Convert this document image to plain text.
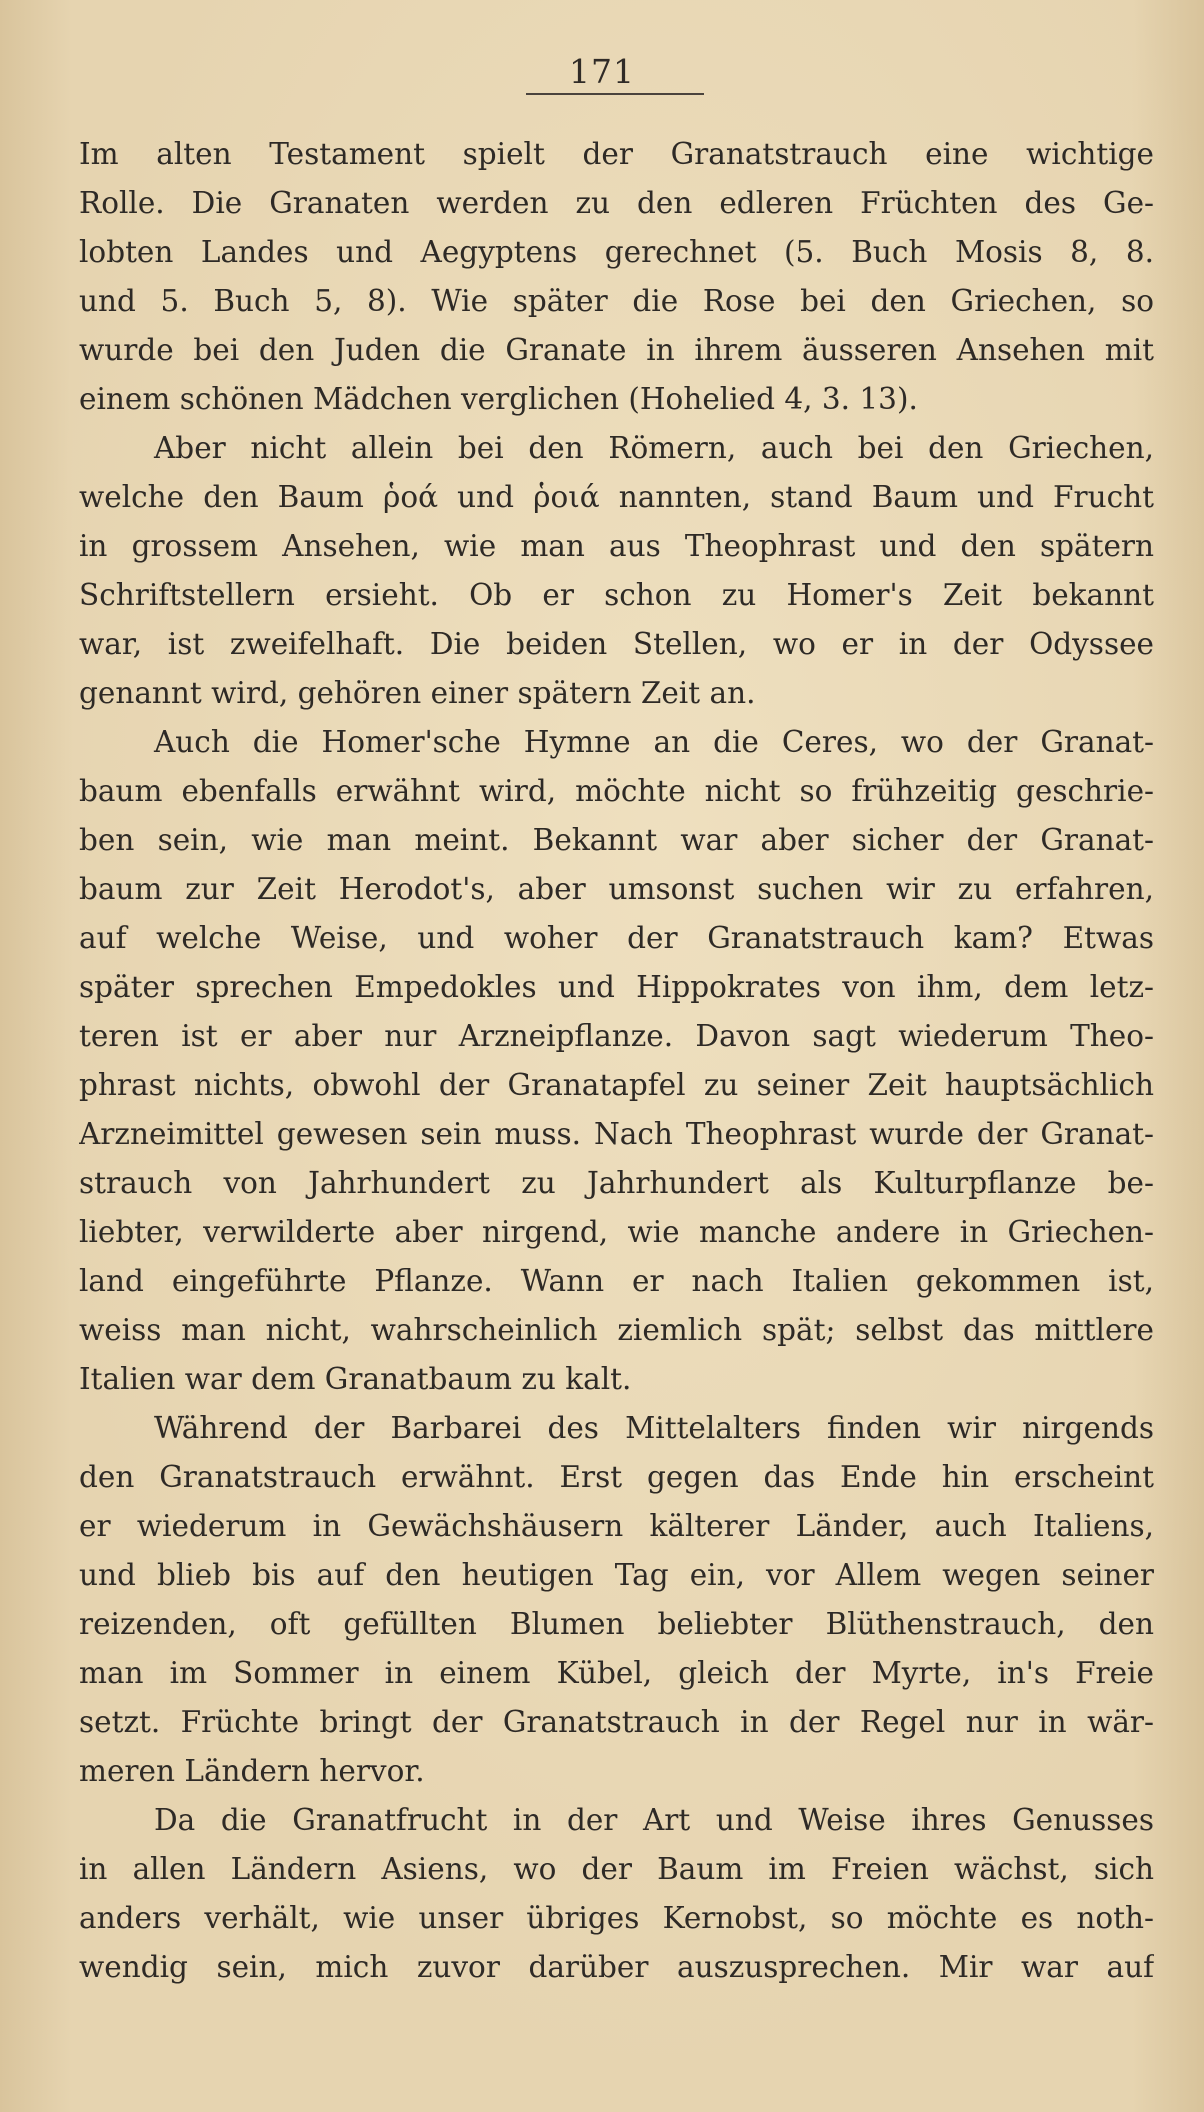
171
Im alten Testament spielt der Granatstrauch eine wichtige
Rolle. Die Granaten werden zu den edleren Früchten des Ge-
lobten Landes und Aegyptens gerechnet (5. Buch Mosis 8, 8.
und 5. Buch 5, 8). Wie später die Rose bei den Griechen, so
wurde bei den Juden die Granate in ihrem äusseren Ansehen mit
einem schönen Mädchen verglichen (Hohelied 4, 3. 13).
Aber nicht allein bei den Römern, auch bei den Griechen,
welche den Baum ῥοά und ῥοιά nannten, stand Baum und Frucht
in grossem Ansehen, wie man aus Theophrast und den spätern
Schriftstellern ersieht. Ob er schon zu Homer's Zeit bekannt
war, ist zweifelhaft. Die beiden Stellen, wo er in der Odyssee
genannt wird, gehören einer spätern Zeit an.
Auch die Homer'sche Hymne an die Ceres, wo der Granat-
baum ebenfalls erwähnt wird, möchte nicht so frühzeitig geschrie-
ben sein, wie man meint. Bekannt war aber sicher der Granat-
baum zur Zeit Herodot's, aber umsonst suchen wir zu erfahren,
auf welche Weise, und woher der Granatstrauch kam? Etwas
später sprechen Empedokles und Hippokrates von ihm, dem letz-
teren ist er aber nur Arzneipflanze. Davon sagt wiederum Theo-
phrast nichts, obwohl der Granatapfel zu seiner Zeit hauptsächlich
Arzneimittel gewesen sein muss. Nach Theophrast wurde der Granat-
strauch von Jahrhundert zu Jahrhundert als Kulturpflanze be-
liebter, verwilderte aber nirgend, wie manche andere in Griechen-
land eingeführte Pflanze. Wann er nach Italien gekommen ist,
weiss man nicht, wahrscheinlich ziemlich spät; selbst das mittlere
Italien war dem Granatbaum zu kalt.
Während der Barbarei des Mittelalters finden wir nirgends
den Granatstrauch erwähnt. Erst gegen das Ende hin erscheint
er wiederum in Gewächshäusern kälterer Länder, auch Italiens,
und blieb bis auf den heutigen Tag ein, vor Allem wegen seiner
reizenden, oft gefüllten Blumen beliebter Blüthenstrauch, den
man im Sommer in einem Kübel, gleich der Myrte, in's Freie
setzt. Früchte bringt der Granatstrauch in der Regel nur in wär-
meren Ländern hervor.
Da die Granatfrucht in der Art und Weise ihres Genusses
in allen Ländern Asiens, wo der Baum im Freien wächst, sich
anders verhält, wie unser übriges Kernobst, so möchte es noth-
wendig sein, mich zuvor darüber auszusprechen. Mir war auf
